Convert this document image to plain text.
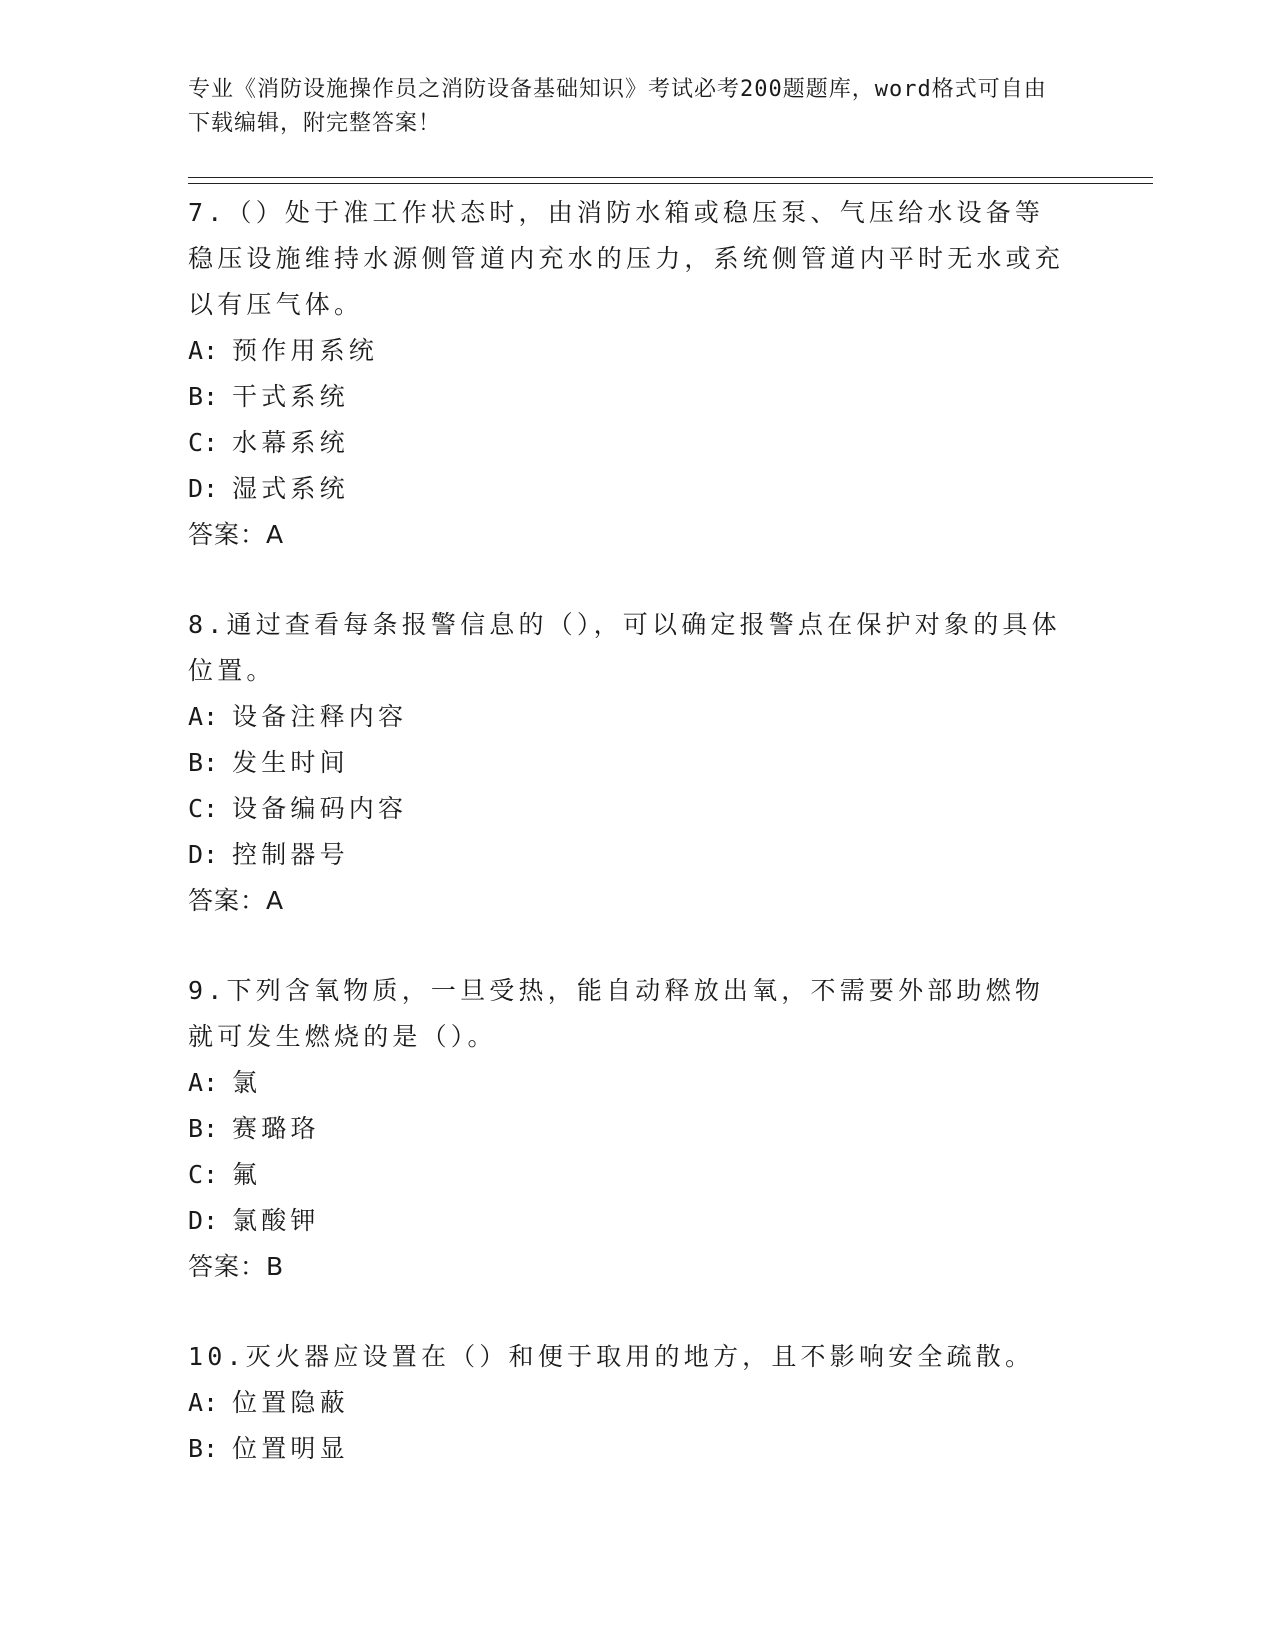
专业《消防设施操作员之消防设备基础知识》考试必考200题题库，word格式可自由下载编辑，附完整答案！
7.（）处于准工作状态时，由消防水箱或稳压泵、气压给水设备等稳压设施维持水源侧管道内充水的压力，系统侧管道内平时无水或充以有压气体。
A: 预作用系统
B: 干式系统
C: 水幕系统
D: 湿式系统
答案：A
8.通过查看每条报警信息的（），可以确定报警点在保护对象的具体位置。
A: 设备注释内容
B: 发生时间
C: 设备编码内容
D: 控制器号
答案：A
9.下列含氧物质，一旦受热，能自动释放出氧，不需要外部助燃物就可发生燃烧的是（）。
A: 氯
B: 赛璐珞
C: 氟
D: 氯酸钾
答案：B
10.灭火器应设置在（）和便于取用的地方，且不影响安全疏散。
A: 位置隐蔽
B: 位置明显
